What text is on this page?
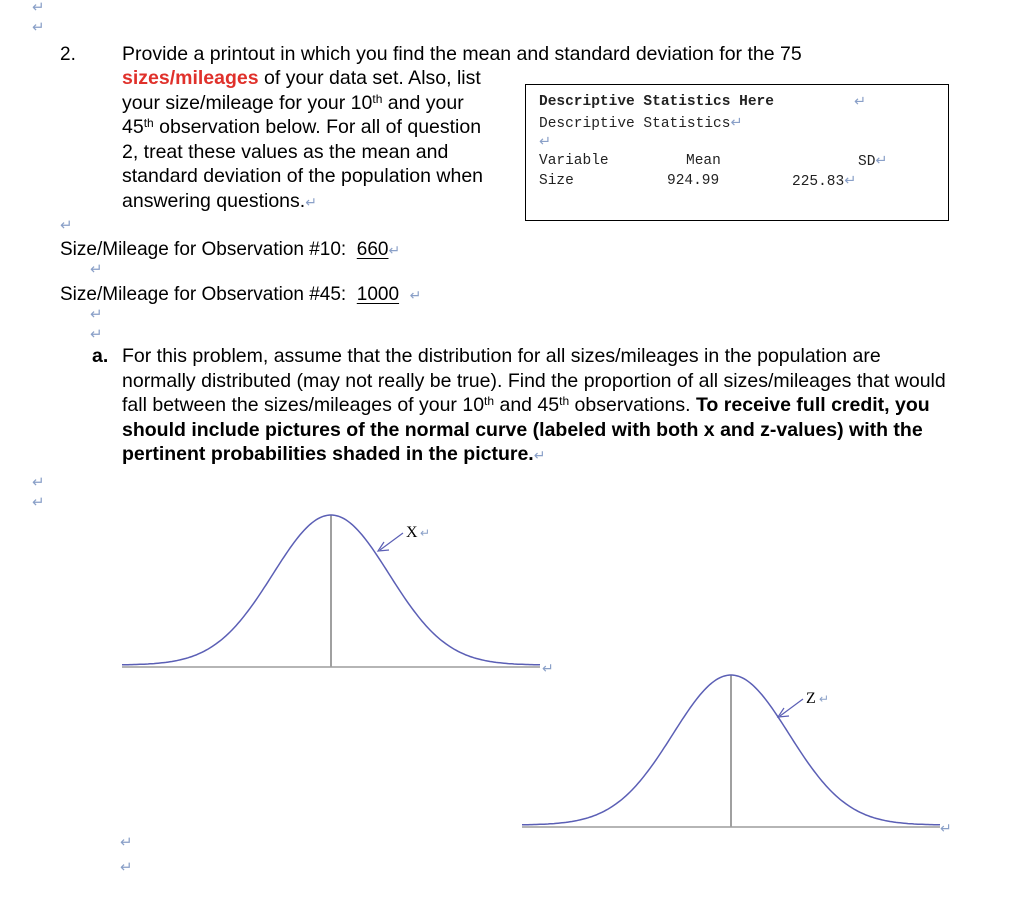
↵
↵
2. Provide a printout in which you find the mean and standard deviation for the 75
sizes/mileages of your data set. Also, list
your size/mileage for your 10th and your
45th observation below. For all of question
2, treat these values as the mean and
standard deviation of the population when
answering questions.↵
Descriptive Statistics Here	↵
Descriptive Statistics↵
↵
Variable	Mean	SD↵
Size	924.99	225.83↵
↵
Size/Mileage for Observation #10: 660↵
↵
Size/Mileage for Observation #45: 1000 ↵
↵
↵
a. For this problem, assume that the distribution for all sizes/mileages in the population are normally distributed (may not really be true). Find the proportion of all sizes/mileages that would fall between the sizes/mileages of your 10th and 45th observations. To receive full credit, you should include pictures of the normal curve (labeled with both x and z-values) with the pertinent probabilities shaded in the picture.↵
↵
↵
X ↵
↵
Z ↵
↵
↵
↵
